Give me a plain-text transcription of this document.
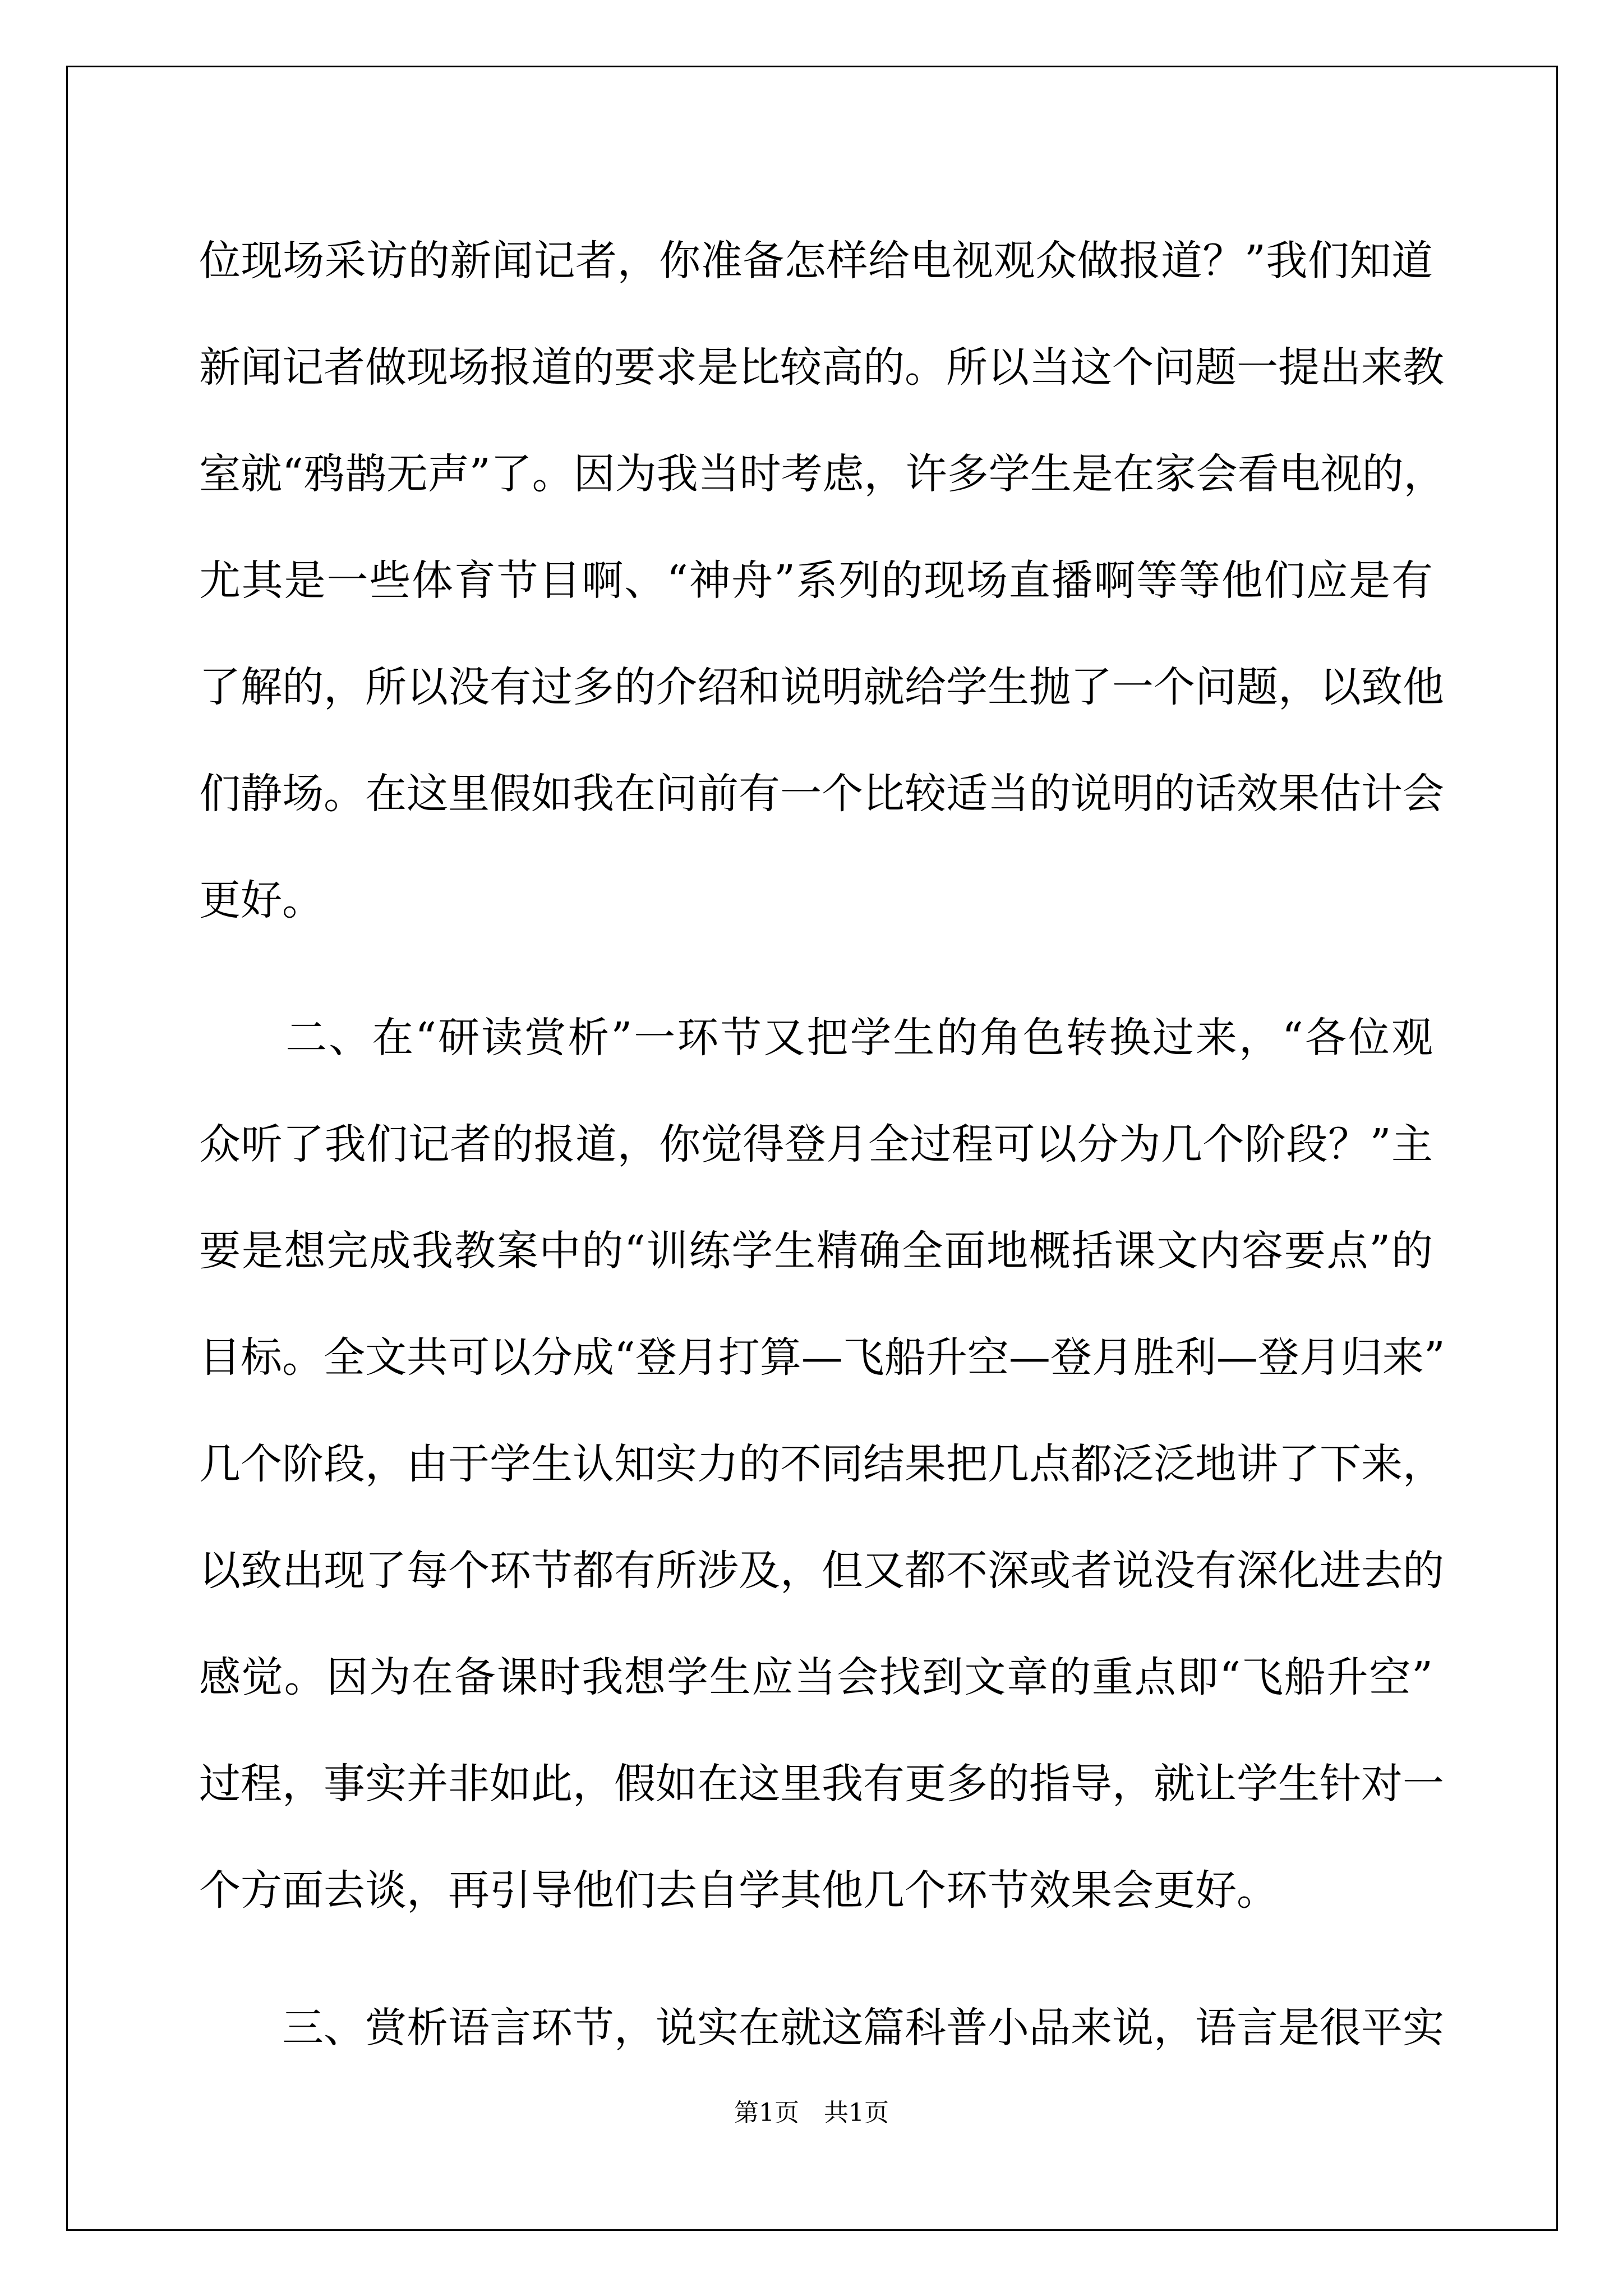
位现场采访的新闻记者，你准备怎样给电视观众做报道？”我们知道
新闻记者做现场报道的要求是比较高的。所以当这个问题一提出来教
室就“鸦鹊无声”了。因为我当时考虑，许多学生是在家会看电视的，
尤其是一些体育节目啊、“神舟”系列的现场直播啊等等他们应是有
了解的，所以没有过多的介绍和说明就给学生抛了一个问题，以致他
们静场。在这里假如我在问前有一个比较适当的说明的话效果估计会
更好。
　　二、在“研读赏析”一环节又把学生的角色转换过来，“各位观
众听了我们记者的报道，你觉得登月全过程可以分为几个阶段？”主
要是想完成我教案中的“训练学生精确全面地概括课文内容要点”的
目标。全文共可以分成“登月打算—飞船升空—登月胜利—登月归来”
几个阶段，由于学生认知实力的不同结果把几点都泛泛地讲了下来，
以致出现了每个环节都有所涉及，但又都不深或者说没有深化进去的
感觉。因为在备课时我想学生应当会找到文章的重点即“飞船升空”
过程，事实并非如此，假如在这里我有更多的指导，就让学生针对一
个方面去谈，再引导他们去自学其他几个环节效果会更好。
　　三、赏析语言环节，说实在就这篇科普小品来说，语言是很平实
第1页　共1页
